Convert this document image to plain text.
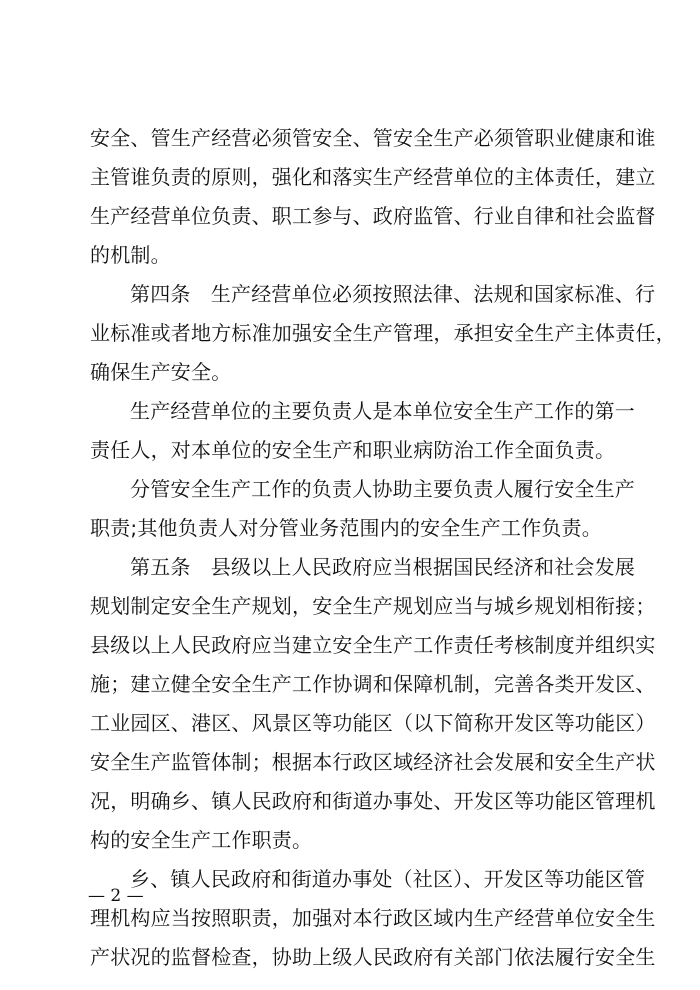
安全、管生产经营必须管安全、管安全生产必须管职业健康和谁
主管谁负责的原则，强化和落实生产经营单位的主体责任，建立
生产经营单位负责、职工参与、政府监管、行业自律和社会监督
的机制。
第四条　生产经营单位必须按照法律、法规和国家标准、行
业标准或者地方标准加强安全生产管理，承担安全生产主体责任，
确保生产安全。
生产经营单位的主要负责人是本单位安全生产工作的第一
责任人，对本单位的安全生产和职业病防治工作全面负责。
分管安全生产工作的负责人协助主要负责人履行安全生产
职责;其他负责人对分管业务范围内的安全生产工作负责。
第五条　县级以上人民政府应当根据国民经济和社会发展
规划制定安全生产规划，安全生产规划应当与城乡规划相衔接；
县级以上人民政府应当建立安全生产工作责任考核制度并组织实
施；建立健全安全生产工作协调和保障机制，完善各类开发区、
工业园区、港区、风景区等功能区（以下简称开发区等功能区）
安全生产监管体制；根据本行政区域经济社会发展和安全生产状
况，明确乡、镇人民政府和街道办事处、开发区等功能区管理机
构的安全生产工作职责。
乡、镇人民政府和街道办事处（社区）、开发区等功能区管
理机构应当按照职责，加强对本行政区域内生产经营单位安全生
产状况的监督检查，协助上级人民政府有关部门依法履行安全生
— 2 —
